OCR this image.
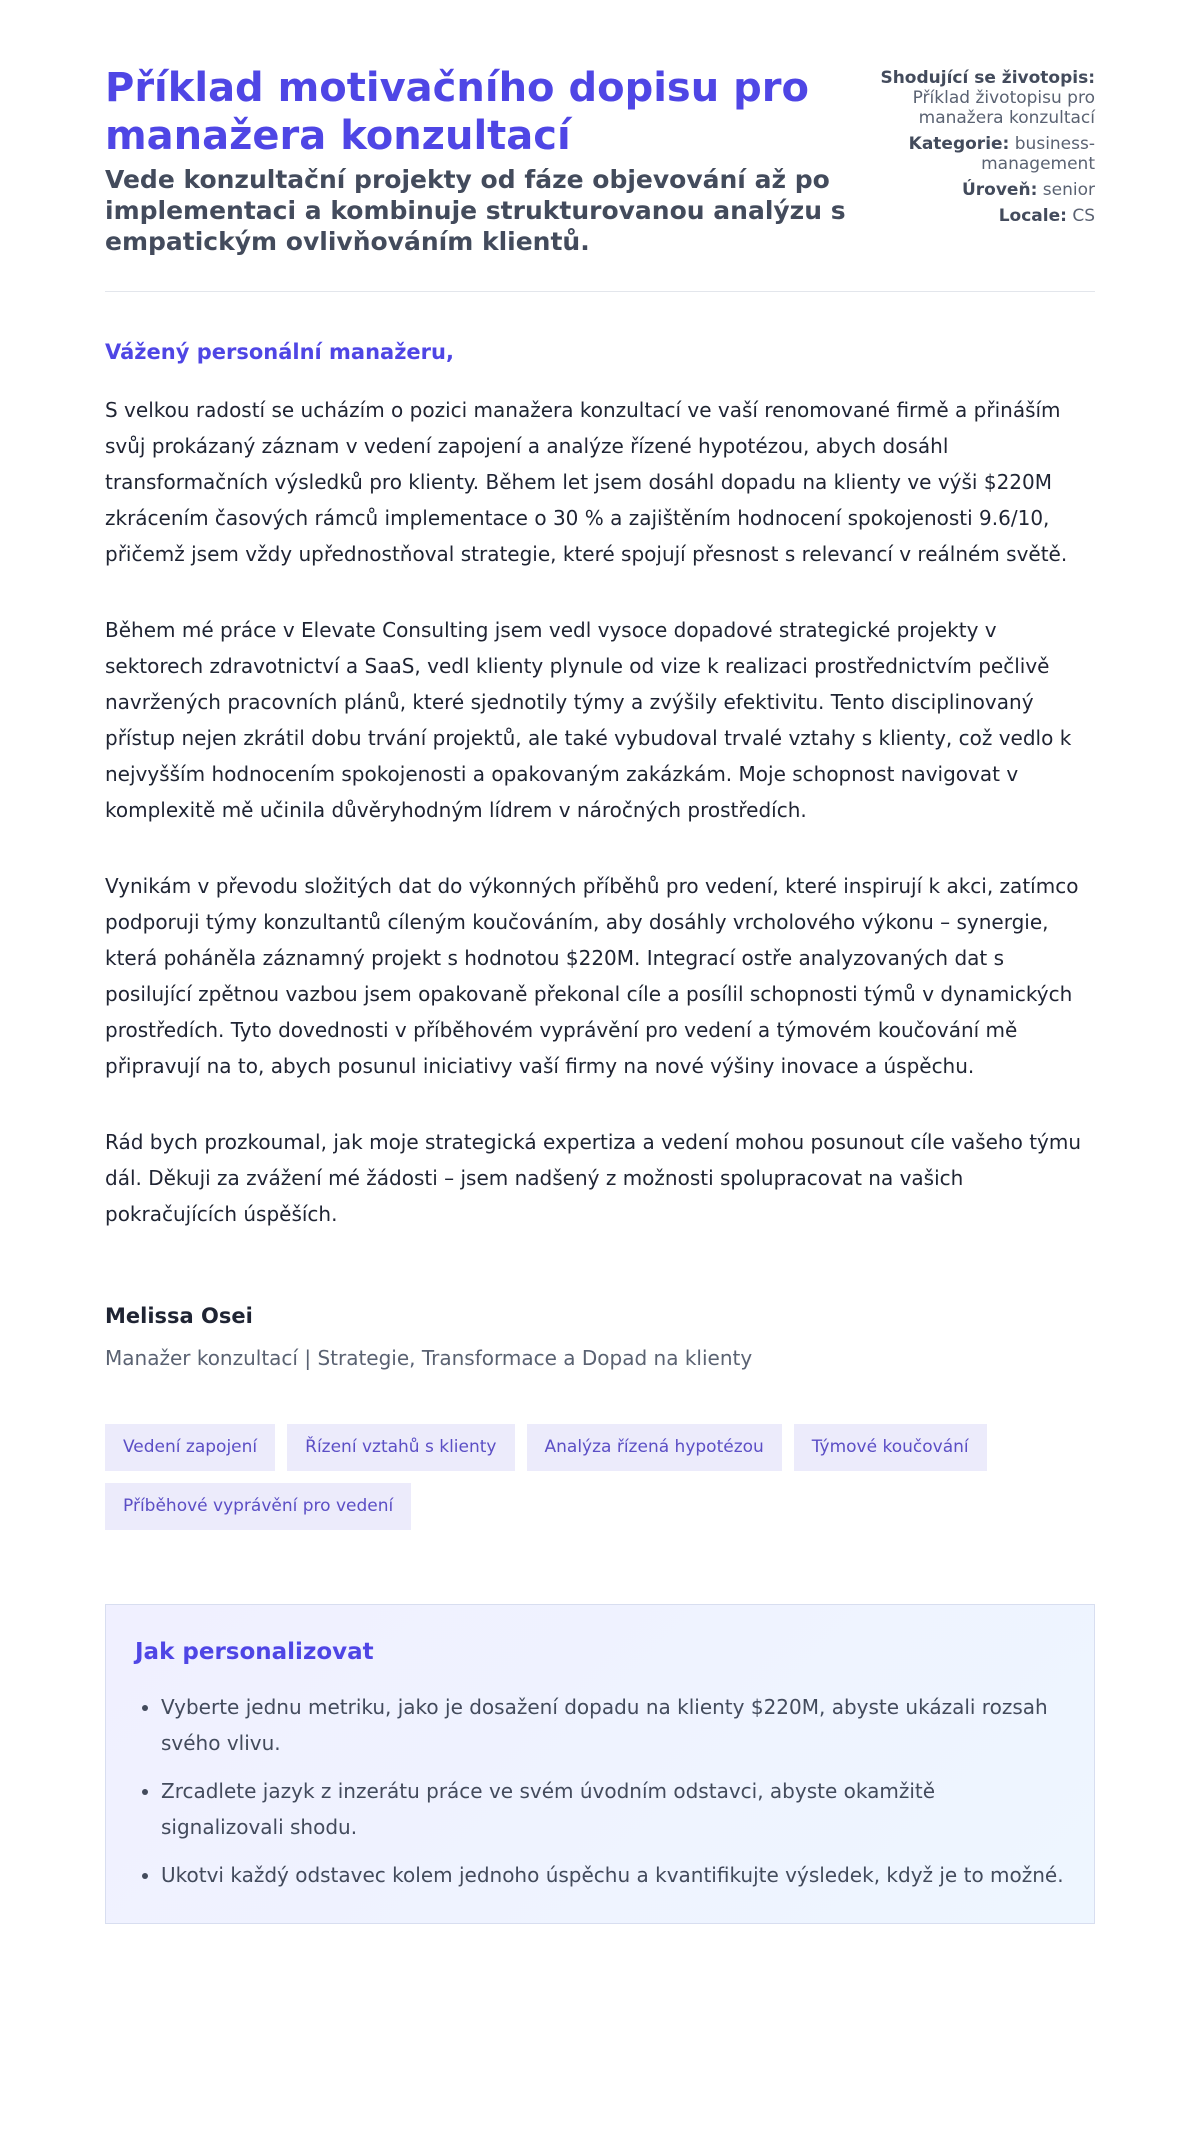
Příklad motivačního dopisu pro manažera konzultací
Vede konzultační projekty od fáze objevování až po implementaci a kombinuje strukturovanou analýzu s empatickým ovlivňováním klientů.
Shodující se životopis:
Příklad životopisu pro manažera konzultací
Kategorie: business-management
Úroveň: senior
Locale: CS

Vážený personální manažeru,

S velkou radostí se ucházím o pozici manažera konzultací ve vaší renomované firmě a přináším svůj prokázaný záznam v vedení zapojení a analýze řízené hypotézou, abych dosáhl transformačních výsledků pro klienty. Během let jsem dosáhl dopadu na klienty ve výši $220M zkrácením časových rámců implementace o 30 % a zajištěním hodnocení spokojenosti 9.6/10, přičemž jsem vždy upřednostňoval strategie, které spojují přesnost s relevancí v reálném světě.

Během mé práce v Elevate Consulting jsem vedl vysoce dopadové strategické projekty v sektorech zdravotnictví a SaaS, vedl klienty plynule od vize k realizaci prostřednictvím pečlivě navržených pracovních plánů, které sjednotily týmy a zvýšily efektivitu. Tento disciplinovaný přístup nejen zkrátil dobu trvání projektů, ale také vybudoval trvalé vztahy s klienty, což vedlo k nejvyšším hodnocením spokojenosti a opakovaným zakázkám. Moje schopnost navigovat v komplexitě mě učinila důvěryhodným lídrem v náročných prostředích.

Vynikám v převodu složitých dat do výkonných příběhů pro vedení, které inspirují k akci, zatímco podporuji týmy konzultantů cíleným koučováním, aby dosáhly vrcholového výkonu – synergie, která poháněla záznamný projekt s hodnotou $220M. Integrací ostře analyzovaných dat s posilující zpětnou vazbou jsem opakovaně překonal cíle a posílil schopnosti týmů v dynamických prostředích. Tyto dovednosti v příběhovém vyprávění pro vedení a týmovém koučování mě připravují na to, abych posunul iniciativy vaší firmy na nové výšiny inovace a úspěchu.

Rád bych prozkoumal, jak moje strategická expertiza a vedení mohou posunout cíle vašeho týmu dál. Děkuji za zvážení mé žádosti – jsem nadšený z možnosti spolupracovat na vašich pokračujících úspěších.

Melissa Osei

Manažer konzultací | Strategie, Transformace a Dopad na klienty

Vedení zapojení	Řízení vztahů s klienty	Analýza řízená hypotézou	Týmové koučování
Příběhové vyprávění pro vedení
Jak personalizovat
• Vyberte jednu metriku, jako je dosažení dopadu na klienty $220M, abyste ukázali rozsah svého vlivu.
• Zrcadlete jazyk z inzerátu práce ve svém úvodním odstavci, abyste okamžitě signalizovali shodu.
• Ukotvi každý odstavec kolem jednoho úspěchu a kvantifikujte výsledek, když je to možné.
